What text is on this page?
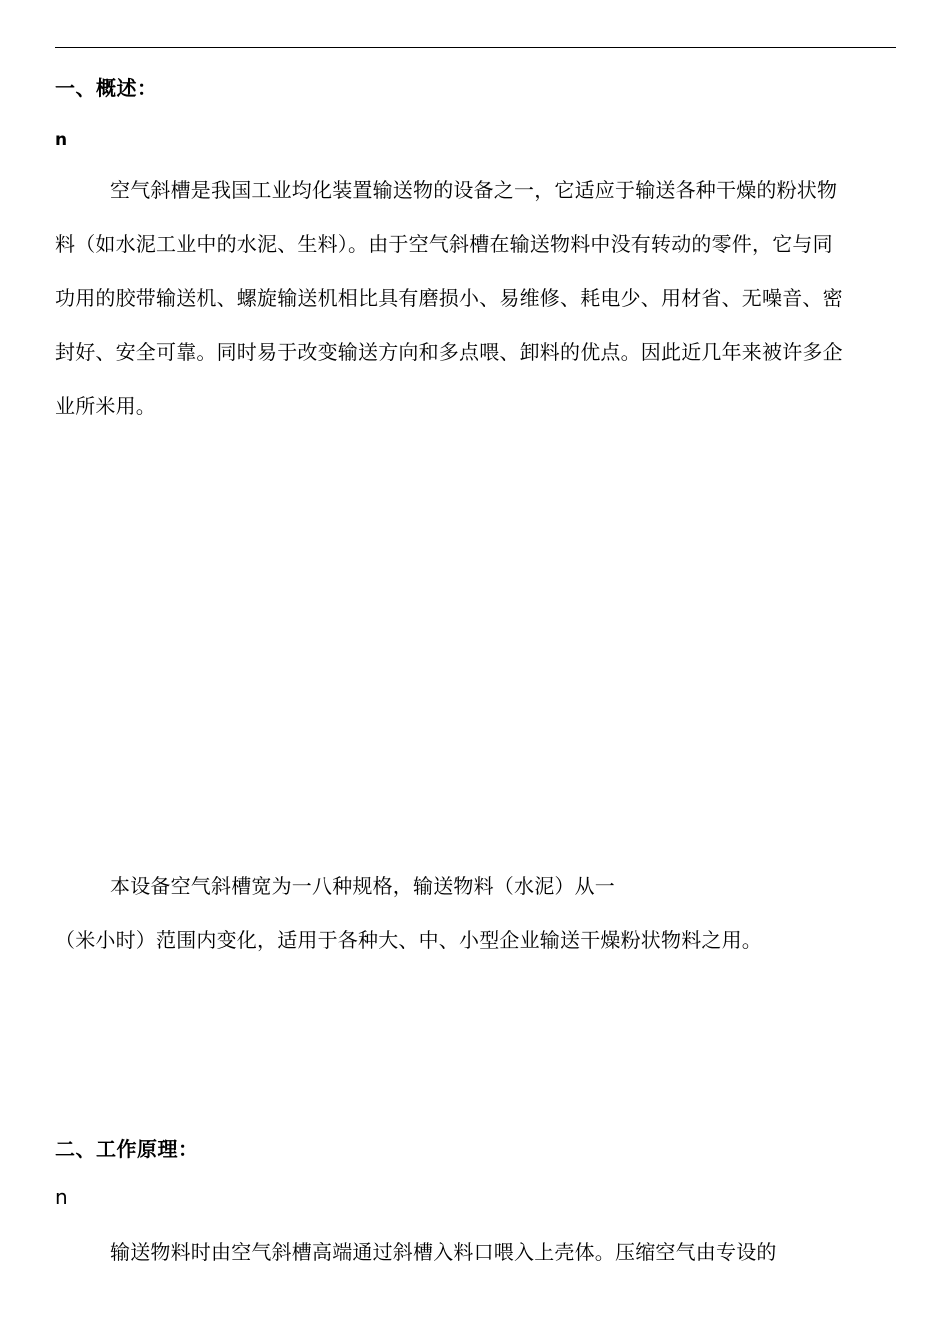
一、概述：
n
空气斜槽是我国工业均化装置输送物的设备之一，它适应于输送各种干燥的粉状物
料（如水泥工业中的水泥、生料）。由于空气斜槽在输送物料中没有转动的零件，它与同
功用的胶带输送机、螺旋输送机相比具有磨损小、易维修、耗电少、用材省、无噪音、密
封好、安全可靠。同时易于改变输送方向和多点喂、卸料的优点。因此近几年来被许多企
业所米用。
本设备空气斜槽宽为一八种规格，输送物料（水泥）从一
（米小时）范围内变化，适用于各种大、中、小型企业输送干燥粉状物料之用。
二、工作原理：
n
输送物料时由空气斜槽高端通过斜槽入料口喂入上壳体。压缩空气由专设的
